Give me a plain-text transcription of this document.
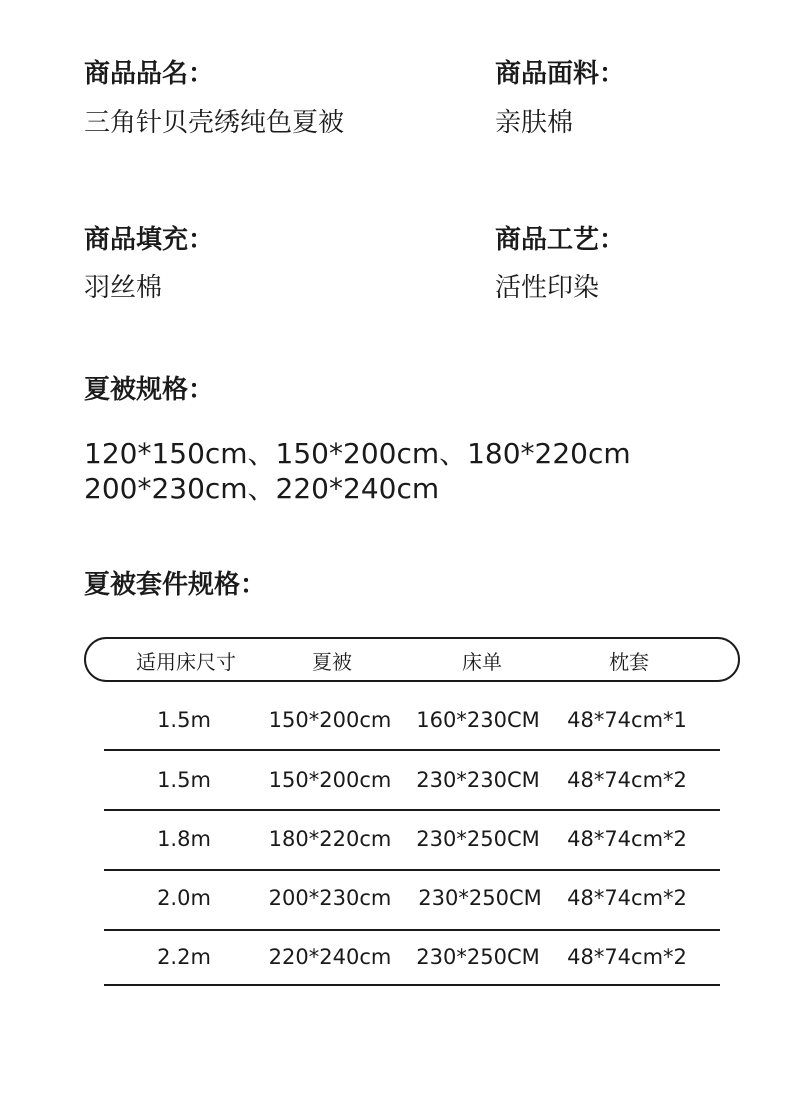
商品品名：
三角针贝壳绣纯色夏被
商品面料：
亲肤棉
商品填充：
羽丝棉
商品工艺：
活性印染
夏被规格：
120*150cm、150*200cm、180*220cm
200*230cm、220*240cm
夏被套件规格：
适用床尺寸	夏被	床单	枕套
1.5m	150*200cm 160*230CM 48*74cm*1
1.5m	150*200cm 230*230CM 48*74cm*2
1.8m	180*220cm 230*250CM 48*74cm*2
2.0m	200*230cm 230*250CM 48*74cm*2
2.2m	220*240cm 230*250CM 48*74cm*2
